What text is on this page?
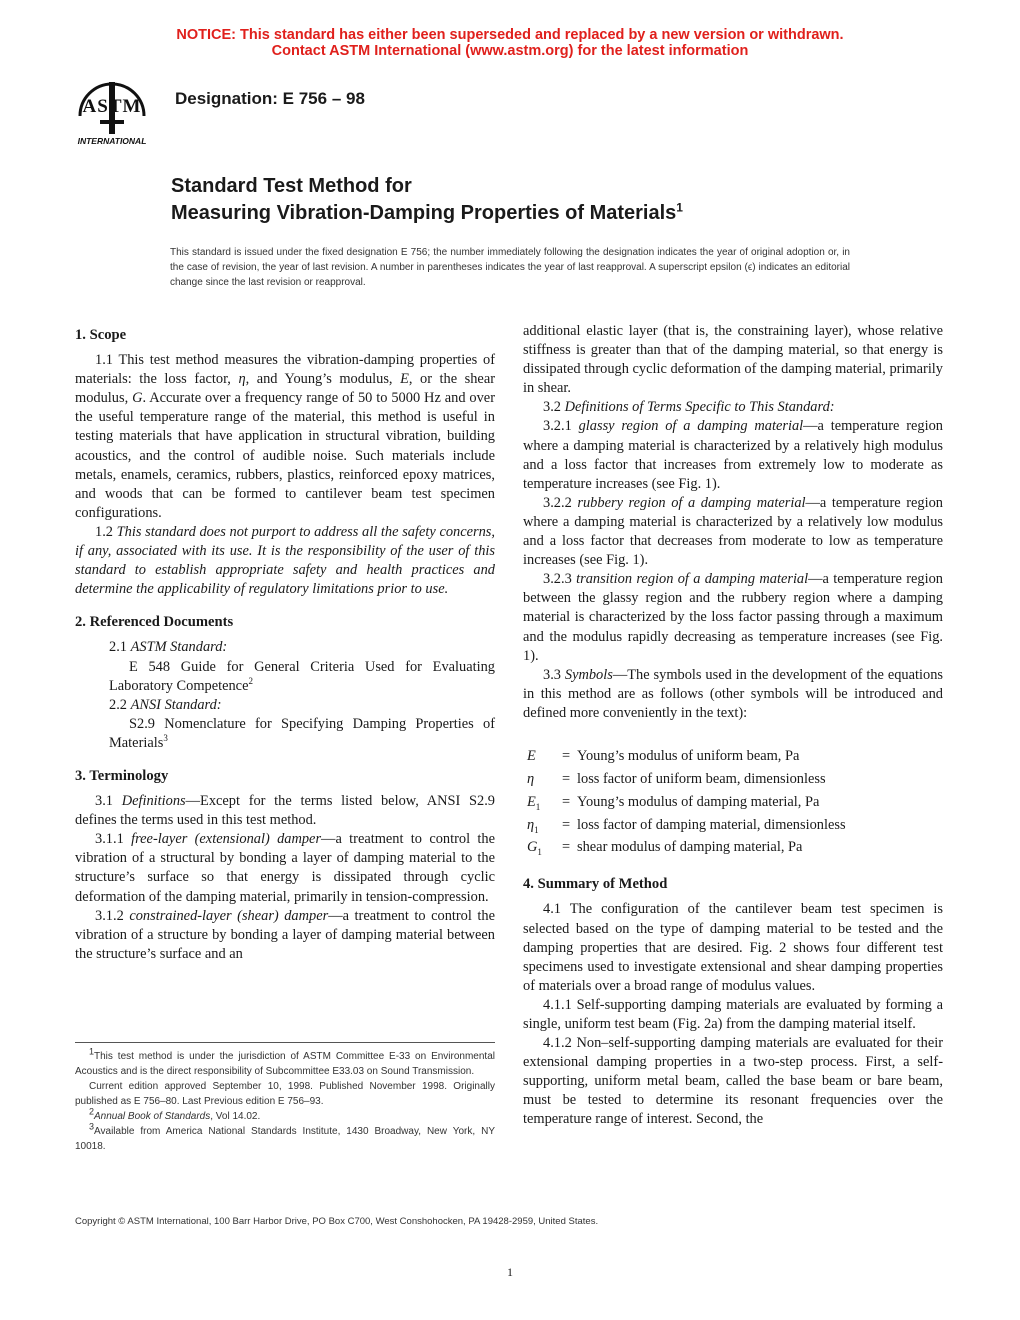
NOTICE: This standard has either been superseded and replaced by a new version or withdrawn.
Contact ASTM International (www.astm.org) for the latest information
ASTM
INTERNATIONAL
Designation: E 756 – 98
Standard Test Method for
Measuring Vibration-Damping Properties of Materials$^1$
This standard is issued under the fixed designation E 756; the number immediately following the designation indicates the year of original adoption or, in the case of revision, the year of last revision. A number in parentheses indicates the year of last reapproval. A superscript epsilon (ϵ) indicates an editorial change since the last revision or reapproval.
1. Scope

1.1 This test method measures the vibration-damping properties of materials: the loss factor, η, and Young’s modulus, E, or the shear modulus, G. Accurate over a frequency range of 50 to 5000 Hz and over the useful temperature range of the material, this method is useful in testing materials that have application in structural vibration, building acoustics, and the control of audible noise. Such materials include metals, enamels, ceramics, rubbers, plastics, reinforced epoxy matrices, and woods that can be formed to cantilever beam test specimen configurations.

1.2 This standard does not purport to address all the safety concerns, if any, associated with its use. It is the responsibility of the user of this standard to establish appropriate safety and health practices and determine the applicability of regulatory limitations prior to use.

2. Referenced Documents

2.1 ASTM Standard:

E 548 Guide for General Criteria Used for Evaluating Laboratory Competence$^2$

2.2 ANSI Standard:

S2.9 Nomenclature for Specifying Damping Properties of Materials$^3$

3. Terminology

3.1 Definitions—Except for the terms listed below, ANSI S2.9 defines the terms used in this test method.

3.1.1 free-layer (extensional) damper—a treatment to control the vibration of a structural by bonding a layer of damping material to the structure’s surface so that energy is dissipated through cyclic deformation of the damping material, primarily in tension-compression.

3.1.2 constrained-layer (shear) damper—a treatment to control the vibration of a structure by bonding a layer of damping material between the structure’s surface and an

$^1$This test method is under the jurisdiction of ASTM Committee E-33 on Environmental Acoustics and is the direct responsibility of Subcommittee E33.03 on Sound Transmission.

Current edition approved September 10, 1998. Published November 1998. Originally published as E 756–80. Last Previous edition E 756–93.

$^2$Annual Book of Standards, Vol 14.02.

$^3$Available from America National Standards Institute, 1430 Broadway, New York, NY 10018.

additional elastic layer (that is, the constraining layer), whose relative stiffness is greater than that of the damping material, so that energy is dissipated through cyclic deformation of the damping material, primarily in shear.

3.2 Definitions of Terms Specific to This Standard:

3.2.1 glassy region of a damping material—a temperature region where a damping material is characterized by a relatively high modulus and a loss factor that increases from extremely low to moderate as temperature increases (see Fig. 1).

3.2.2 rubbery region of a damping material—a temperature region where a damping material is characterized by a relatively low modulus and a loss factor that decreases from moderate to low as temperature increases (see Fig. 1).

3.2.3 transition region of a damping material—a temperature region between the glassy region and the rubbery region where a damping material is characterized by the loss factor passing through a maximum and the modulus rapidly decreasing as temperature increases (see Fig. 1).

3.3 Symbols—The symbols used in the development of the equations in this method are as follows (other symbols will be introduced and defined more conveniently in the text):

E	=	Young’s modulus of uniform beam, Pa
η	=	loss factor of uniform beam, dimensionless
$E_1$	=	Young’s modulus of damping material, Pa
$\eta_1$	=	loss factor of damping material, dimensionless
$G_1$	=	shear modulus of damping material, Pa
4. Summary of Method

4.1 The configuration of the cantilever beam test specimen is selected based on the type of damping material to be tested and the damping properties that are desired. Fig. 2 shows four different test specimens used to investigate extensional and shear damping properties of materials over a broad range of modulus values.

4.1.1 Self-supporting damping materials are evaluated by forming a single, uniform test beam (Fig. 2a) from the damping material itself.

4.1.2 Non–self-supporting damping materials are evaluated for their extensional damping properties in a two-step process. First, a self-supporting, uniform metal beam, called the base beam or bare beam, must be tested to determine its resonant frequencies over the temperature range of interest. Second, the

Copyright © ASTM International, 100 Barr Harbor Drive, PO Box C700, West Conshohocken, PA 19428-2959, United States.
1
